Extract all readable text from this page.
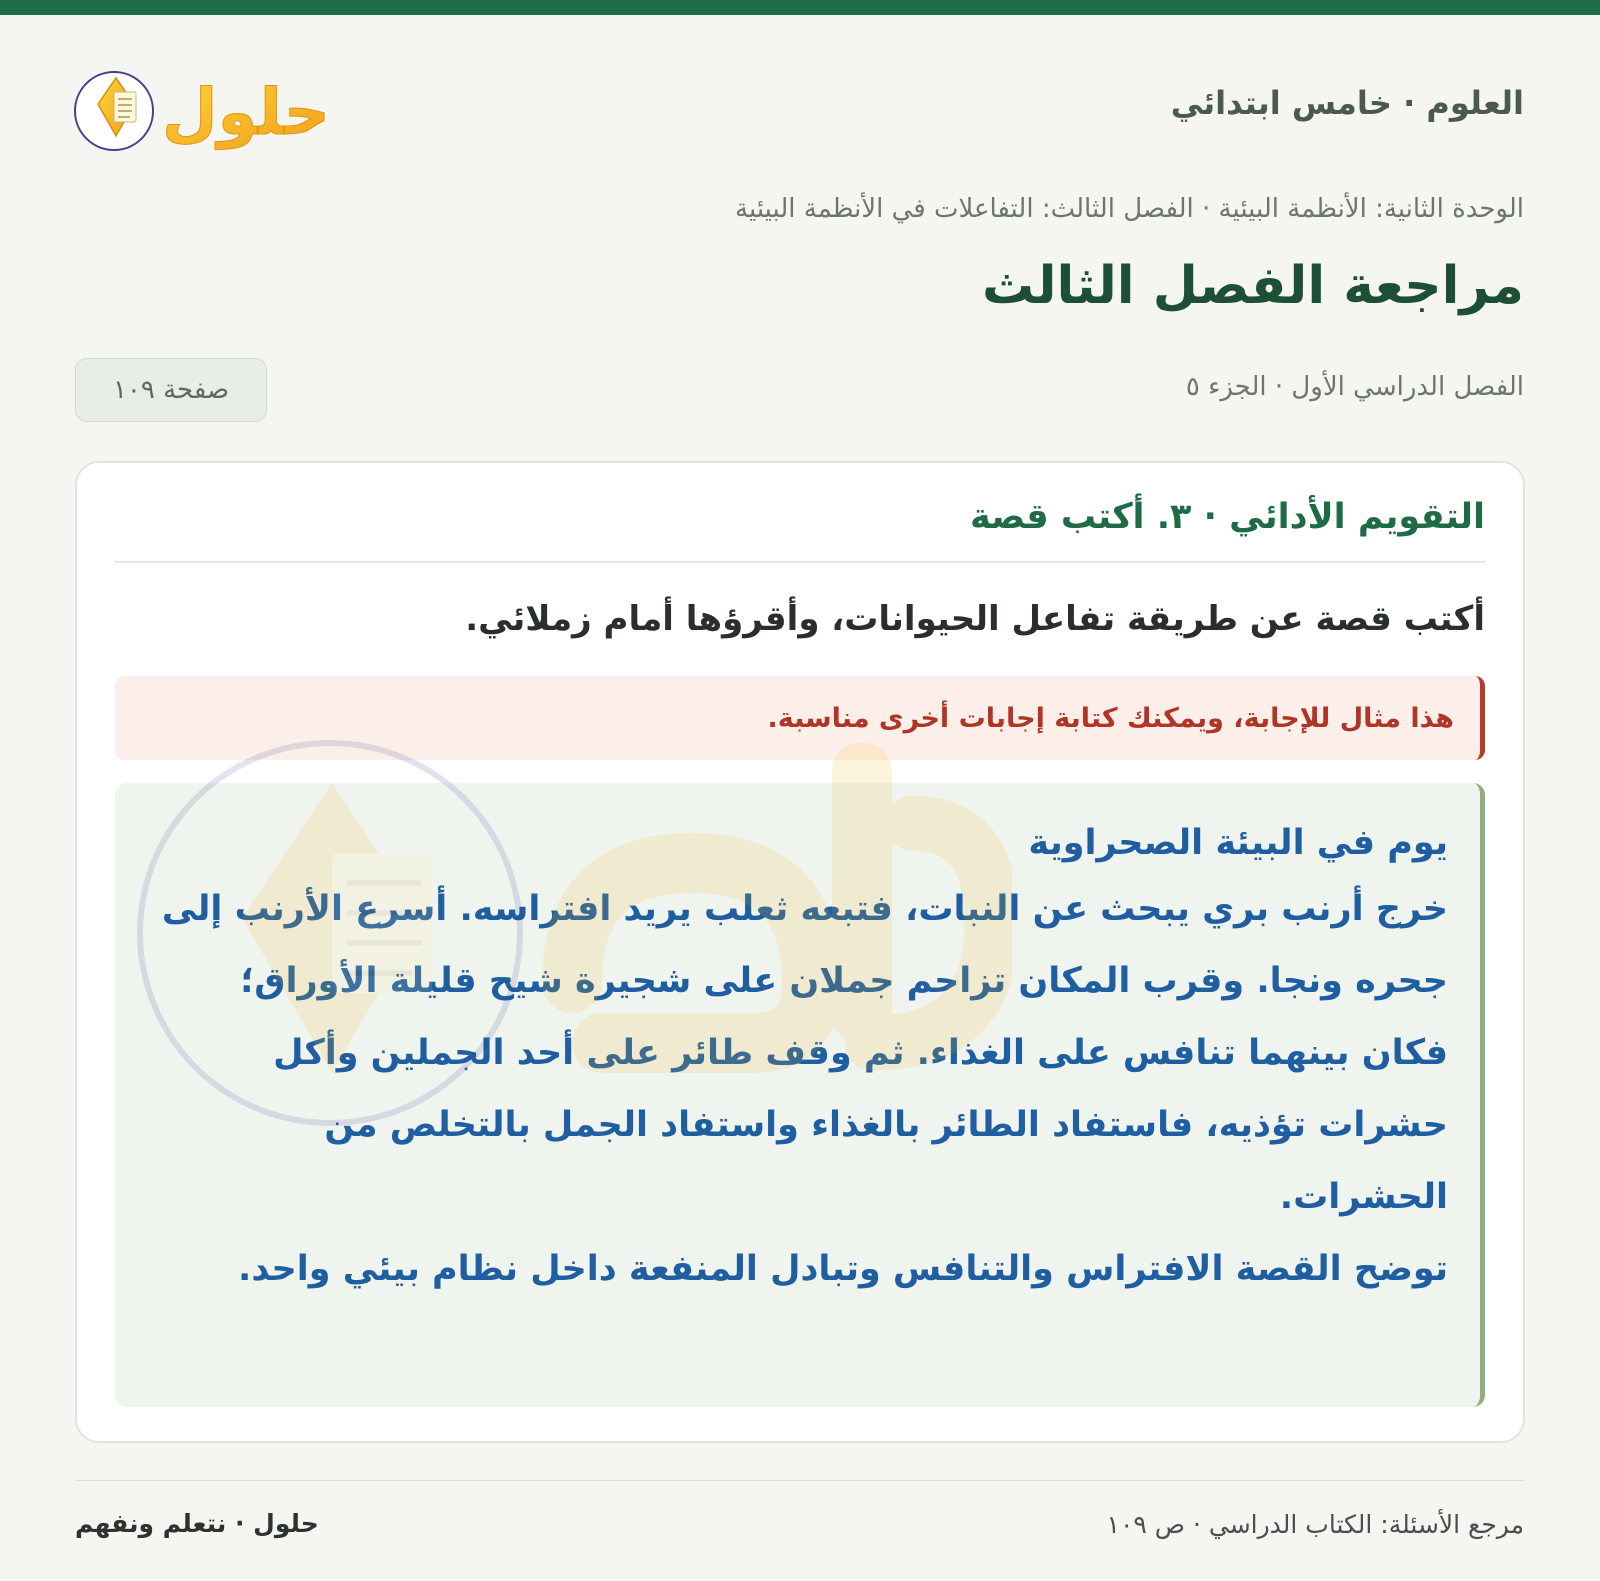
العلوم · خامس ابتدائي
حلول
الوحدة الثانية: الأنظمة البيئية · الفصل الثالث: التفاعلات في الأنظمة البيئية
مراجعة الفصل الثالث
الفصل الدراسي الأول · الجزء ٥
صفحة ١٠٩
التقويم الأدائي · ٣. أكتب قصة
أكتب قصة عن طريقة تفاعل الحيوانات، وأقرؤها أمام زملائي.
هذا مثال للإجابة، ويمكنك كتابة إجابات أخرى مناسبة.
يوم في البيئة الصحراوية

خرج أرنب بري يبحث عن النبات، فتبعه ثعلب يريد افتراسه. أسرع الأرنب إلى جحره ونجا. وقرب المكان تزاحم جملان على شجيرة شيح قليلة الأوراق؛ فكان بينهما تنافس على الغذاء. ثم وقف طائر على أحد الجملين وأكل حشرات تؤذيه، فاستفاد الطائر بالغذاء واستفاد الجمل بالتخلص من الحشرات.

توضح القصة الافتراس والتنافس وتبادل المنفعة داخل نظام بيئي واحد.

مرجع الأسئلة: الكتاب الدراسي · ص ١٠٩
حلول · نتعلم ونفهم
